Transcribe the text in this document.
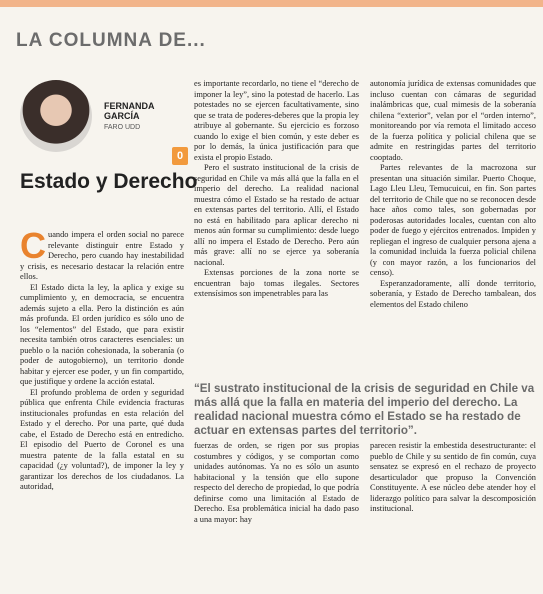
LA COLUMNA DE...
FERNANDA
GARCÍA
FARO UDD
0
Estado y Derecho

Cuando impera el orden social no parece relevante distinguir entre Estado y Derecho, pero cuando hay inestabilidad y crisis, es necesario destacar la relación entre ellos.

El Estado dicta la ley, la aplica y exige su cumplimiento y, en democracia, se encuentra además sujeto a ella. Pero la distinción es aún más profunda. El orden jurídico es sólo uno de los “elementos” del Estado, que para existir necesita también otros caracteres esenciales: un pueblo o la nación cohesionada, la soberanía (o poder de autogobierno), un territorio donde habitar y ejercer ese poder, y un fin compartido, que justifique y ordene la acción estatal.

El profundo problema de orden y seguridad pública que enfrenta Chile evidencia fracturas institucionales profundas en esta relación del Estado y el derecho. Por una parte, qué duda cabe, el Estado de Derecho está en entredicho. El episodio del Puerto de Coronel es una muestra patente de la falla estatal en su capacidad (¿y voluntad?), de imponer la ley y garantizar los derechos de los ciudadanos. La autoridad,

es importante recordarlo, no tiene el “derecho de imponer la ley”, sino la potestad de hacerlo. Las potestades no se ejercen facultativamente, sino que se trata de poderes-deberes que la propia ley atribuye al gobernante. Su ejercicio es forzoso cuando lo exige el bien común, y este deber es por lo demás, la única justificación para que exista el propio Estado.

Pero el sustrato institucional de la crisis de seguridad en Chile va más allá que la falla en el imperio del derecho. La realidad nacional muestra cómo el Estado se ha restado de actuar en extensas partes del territorio. Allí, el Estado no está en habilitado para aplicar derecho ni menos aún formar su cumplimiento: desde luego allí no impera el Estado de Derecho. Pero aún más grave: allí no se ejerce ya soberanía nacional.

Extensas porciones de la zona norte se encuentran bajo tomas ilegales. Sectores extensísimos son impenetrables para las

autonomía jurídica de extensas comunidades que incluso cuentan con cámaras de seguridad inalámbricas que, cual mimesis de la soberanía chilena “exterior”, velan por el “orden interno”, monitoreando por vía remota el limitado acceso de la fuerza política y policial chilena que se admite en restringidas partes del territorio cooptado.

Partes relevantes de la macrozona sur presentan una situación similar. Puerto Choque, Lago Lleu Lleu, Temucuicui, en fin. Son partes del territorio de Chile que no se reconocen desde hace años como tales, son gobernadas por poderosas autoridades locales, cuentan con alto poder de fuego y ejércitos entrenados. Impiden y repliegan el ingreso de cualquier persona ajena a la comunidad incluida la fuerza policial chilena (y con mayor razón, a los funcionarios del censo).

Esperanzadoramente, allí donde territorio, soberanía, y Estado de Derecho tambalean, dos elementos del Estado chileno

“El sustrato institucional de la crisis de seguridad en Chile va más allá que la falla en materia del imperio del derecho. La realidad nacional muestra cómo el Estado se ha restado de actuar en extensas partes del territorio”.

fuerzas de orden, se rigen por sus propias costumbres y códigos, y se comportan como unidades autónomas. Ya no es sólo un asunto habitacional y la tensión que ello supone respecto del derecho de propiedad, lo que podría definirse como una limitación al Estado de Derecho. Esa problemática inicial ha dado paso a una mayor: hay

parecen resistir la embestida desestructurante: el pueblo de Chile y su sentido de fin común, cuya sensatez se expresó en el rechazo de proyecto desarticulador que propuso la Convención Constituyente. A ese núcleo debe atender hoy el liderazgo político para salvar la descomposición institucional.
